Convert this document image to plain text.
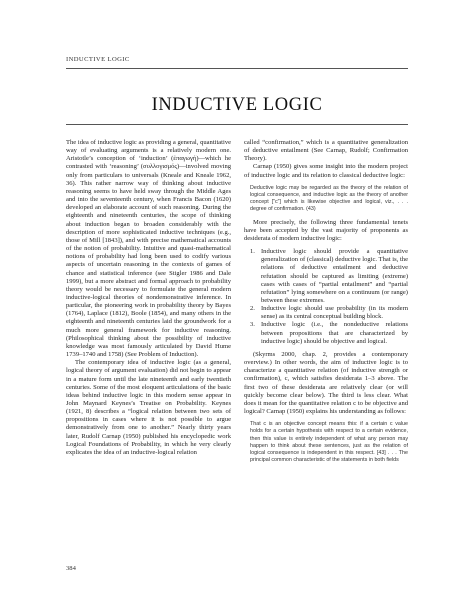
INDUCTIVE LOGIC
INDUCTIVE LOGIC

The idea of inductive logic as providing a general, quantitative way of evaluating arguments is a relatively modern one. Aristotle’s conception of ‘induction’ (ἐπαγωγή)—which he contrasted with ‘reasoning’ (συλλογισμός)—involved moving only from particulars to universals (Kneale and Kneale 1962, 36). This rather narrow way of thinking about inductive reasoning seems to have held sway through the Middle Ages and into the seventeenth century, when Francis Bacon (1620) developed an elaborate account of such reasoning. During the eighteenth and nineteenth centuries, the scope of thinking about induction began to broaden considerably with the description of more sophisticated inductive techniques (e.g., those of Mill [1843]), and with precise mathematical accounts of the notion of probability. Intuitive and quasi-mathematical notions of probability had long been used to codify various aspects of uncertain reasoning in the contexts of games of chance and statistical inference (see Stigler 1986 and Dale 1999), but a more abstract and formal approach to probability theory would be necessary to formulate the general modern inductive-logical theories of nondemonstrative inference. In particular, the pioneering work in probability theory by Bayes (1764), Laplace (1812), Boole (1854), and many others in the eighteenth and nineteenth centuries laid the groundwork for a much more general framework for inductive reasoning. (Philosophical thinking about the possibility of inductive knowledge was most famously articulated by David Hume 1739–1740 and 1758) (See Problem of Induction).

The contemporary idea of inductive logic (as a general, logical theory of argument evaluation) did not begin to appear in a mature form until the late nineteenth and early twentieth centuries. Some of the most eloquent articulations of the basic ideas behind inductive logic in this modern sense appear in John Maynard Keynes’s Treatise on Probability. Keynes (1921, 8) describes a “logical relation between two sets of propositions in cases where it is not possible to argue demonstratively from one to another.” Nearly thirty years later, Rudolf Carnap (1950) published his encyclopedic work Logical Foundations of Probability, in which he very clearly explicates the idea of an inductive-logical relation

called “confirmation,” which is a quantitative generalization of deductive entailment (See Carnap, Rudolf; Confirmation Theory).

Carnap (1950) gives some insight into the modern project of inductive logic and its relation to classical deductive logic:

Deductive logic may be regarded as the theory of the relation of logical consequence, and inductive logic as the theory of another concept [“c”] which is likewise objective and logical, viz., . . . degree of confirmation. (43)

More precisely, the following three fundamental tenets have been accepted by the vast majority of proponents as desiderata of modern inductive logic:

1. Inductive logic should provide a quantitative generalization of (classical) deductive logic. That is, the relations of deductive entailment and deductive refutation should be captured as limiting (extreme) cases with cases of “partial entailment” and “partial refutation” lying somewhere on a continuum (or range) between these extremes.
2. Inductive logic should use probability (in its modern sense) as its central conceptual building block.
3. Inductive logic (i.e., the nondeductive relations between propositions that are characterized by inductive logic) should be objective and logical.

(Skyrms 2000, chap. 2, provides a contemporary overview.) In other words, the aim of inductive logic is to characterize a quantitative relation (of inductive strength or confirmation), c, which satisfies desiderata 1–3 above. The first two of these desiderata are relatively clear (or will quickly become clear below). The third is less clear. What does it mean for the quantitative relation c to be objective and logical? Carnap (1950) explains his understanding as follows:

That c is an objective concept means this: if a certain c value holds for a certain hypothesis with respect to a certain evidence, then this value is entirely independent of what any person may happen to think about these sentences, just as the relation of logical consequence is independent in this respect. [43] . . . The principal common characteristic of the statements in both fields
384
